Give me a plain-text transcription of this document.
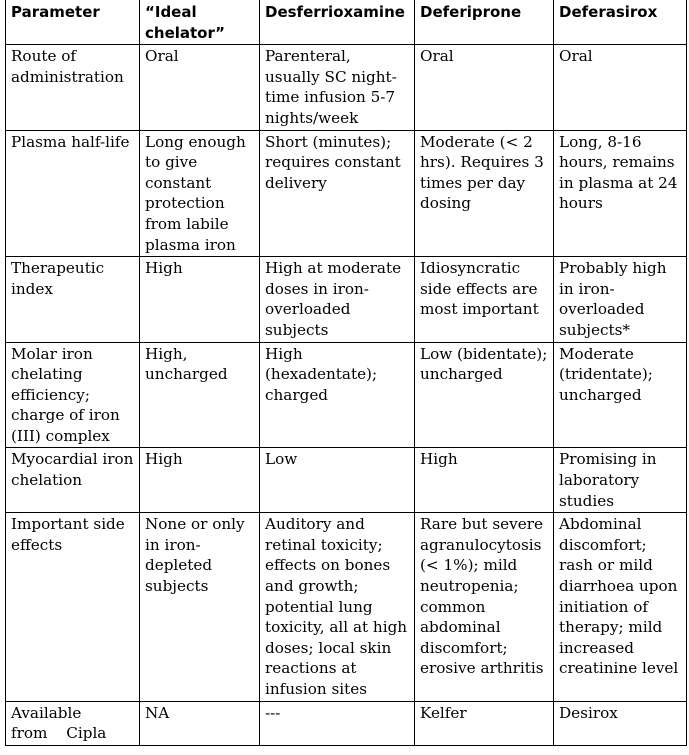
Parameter	“Ideal chelator”	Desferrioxamine	Deferiprone	Deferasirox
Route of administration	Oral	Parenteral, usually SC night-time infusion 5-7 nights/week	Oral	Oral
Plasma half-life	Long enough to give constant protection from labile plasma iron	Short (minutes); requires constant delivery	Moderate (< 2 hrs). Requires 3 times per day dosing	Long, 8-16 hours, remains in plasma at 24 hours
Therapeutic index	High	High at moderate doses in iron-overloaded subjects	Idiosyncratic side effects are most important	Probably high in iron-overloaded subjects*
Molar iron chelating efficiency; charge of iron (III) complex	High, uncharged	High (hexadentate); charged	Low (bidentate); uncharged	Moderate (tridentate); uncharged
Myocardial iron chelation	High	Low	High	Promising in laboratory studies
Important side effects	None or only in iron-depleted subjects	Auditory and retinal toxicity; effects on bones and growth; potential lung toxicity, all at high doses; local skin reactions at infusion sites	Rare but severe agranulocytosis (< 1%); mild neutropenia; common abdominal discomfort; erosive arthritis	Abdominal discomfort; rash or mild diarrhoea upon initiation of therapy; mild increased creatinine level
Available from Cipla	NA	---	Kelfer	Desirox
